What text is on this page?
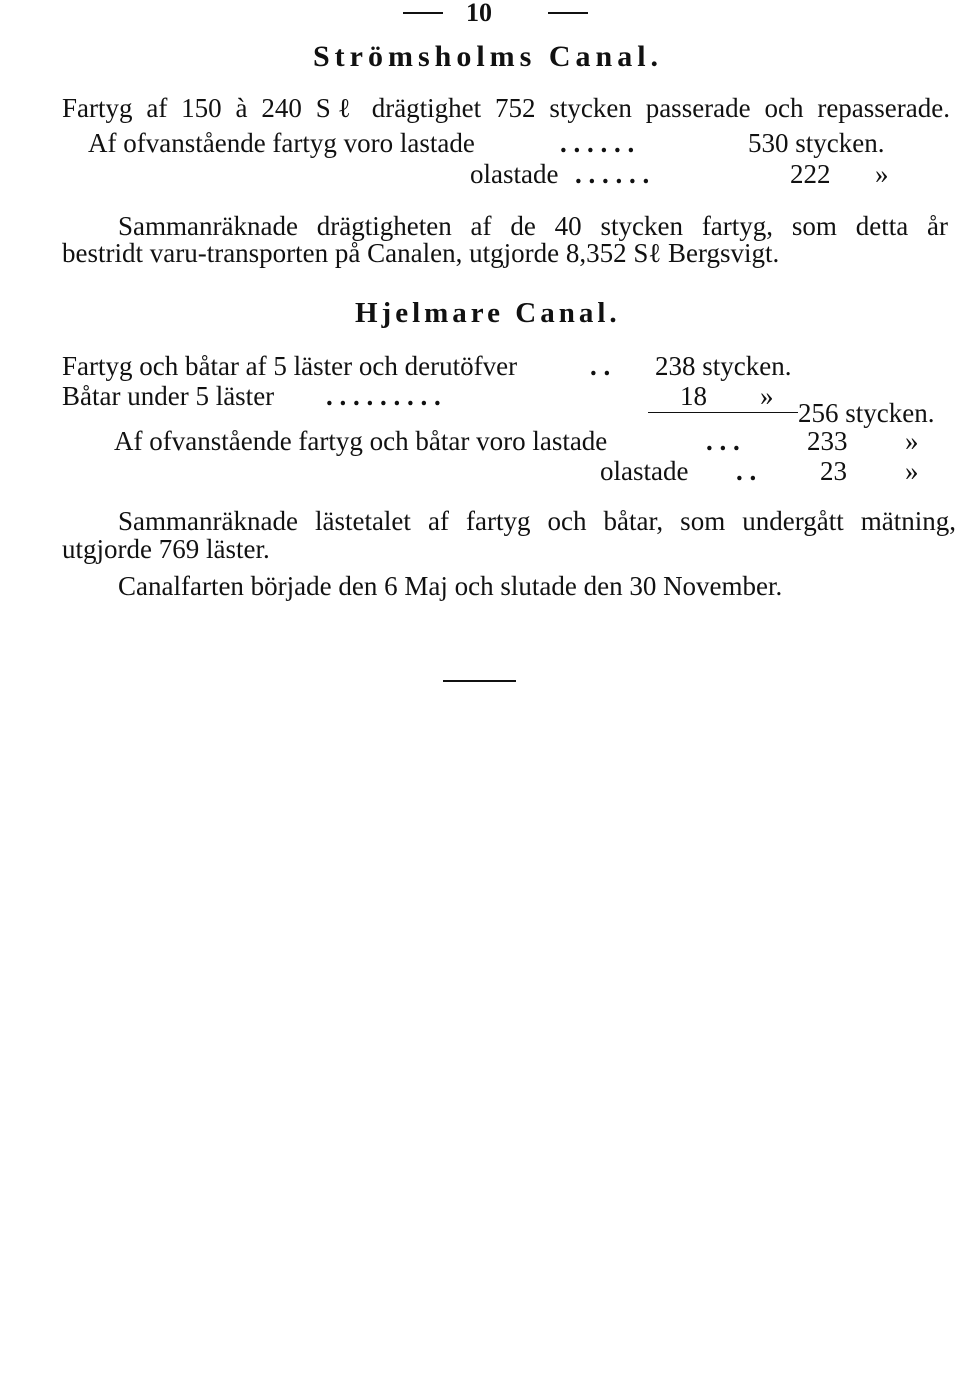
10
Strömsholms Canal.
Fartyg af 150 à 240 Sℓ drägtighet 752 stycken passerade och repasserade.
Af ofvanstående fartyg voro lastade	. . . . . .	530 stycken.
olastade . . . . . .	222 »
Sammanräknade drägtigheten af de 40 stycken fartyg, som detta år
bestridt varu-transporten på Canalen, utgjorde 8,352 Sℓ Bergsvigt.
Hjelmare Canal.
Fartyg och båtar af 5 läster och derutöfver	. . 238 stycken.
Båtar under 5 läster . . . . . . . . .	18 »
256 stycken.
Af ofvanstående fartyg och båtar voro lastade	. . . 233 »
olastade . . 23 »
Sammanräknade lästetalet af fartyg och båtar, som undergått mätning,
utgjorde 769 läster.
Canalfarten började den 6 Maj och slutade den 30 November.
